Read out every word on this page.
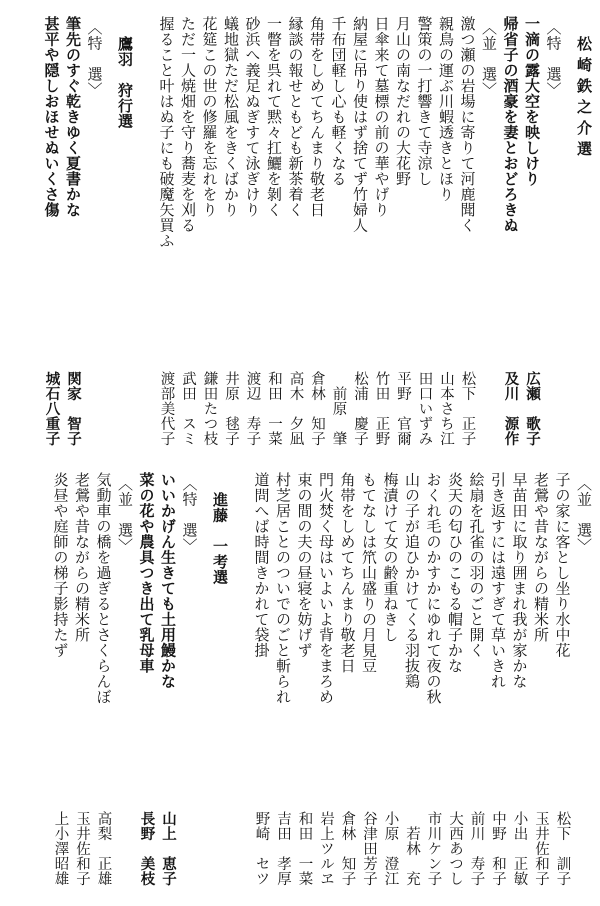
松崎鉄之介選
〈特　選〉
一滴の露大空を映しけり
広瀬　歌子
帰省子の酒豪を妻とおどろきぬ
及川　源作
〈並　選〉
激つ瀬の岩場に寄りて河鹿聞く
松下　正子
親鳥の運ぶ川蝦透きとほり
山本さち江
警策の一打響きて寺涼し
田口いずみ
月山の南なだれの大花野
平野　官爾
日傘来て墓標の前の華やげり
竹田　正野
納屋に吊り使はず捨てず竹婦人
松浦　慶子
千布団軽し心も軽くなる
前原　肇
角帯をしめてちんまり敬老日
倉林　知子
縁談の報せともども新茶着く
高木　夕凪
一瞥を呉れて黙々扛鱺を剝く
和田　一菜
砂浜へ義足ぬぎすて泳ぎけり
渡辺　寿子
蟻地獄ただ松風をきくばかり
井原　毬子
花筵この世の修羅を忘れをり
鎌田たつ枝
ただ一人焼畑を守り蕎麦を刈る
武田　スミ
握ること叶はぬ子にも破魔矢買ふ
渡部美代子
鷹羽　狩行選
〈特　選〉
筆先のすぐ乾きゆく夏書かな
関家　智子
甚平や隠しおほせぬいくさ傷
城石八重子
〈並　選〉
子の家に客とし坐り水中花
松下　訓子
老鶯や昔ながらの精米所
玉井佐和子
早苗田に取り囲まれ我が家かな
小出　正敏
引き返すには遠すぎて草いきれ
中野　和子
絵扇を孔雀の羽のごと開く
前川　寿子
炎天の匂ひのこもる帽子かな
大西あつし
おくれ毛のかすかにゆれて夜の秋
市川ケン子
山の子が追ひかけてくる羽抜鶏
若林　充
梅漬けて女の齢重ねきし
小原　澄江
もてなしは笊山盛りの月見豆
谷津田芳子
角帯をしめてちんまり敬老日
倉林　知子
門火焚く母はいよいよ背をまろめ
岩上ツルヱ
束の間の夫の昼寝を妨げず
和田　一菜
村芝居ことのついでのごと斬られ
吉田　孝厚
道問へば時間きかれて袋掛
野崎　セツ
進藤　一考選
〈特　選〉
いいかげん生きても土用鰻かな
山上　恵子
菜の花や農具つき出て乳母車
長野　美枝
〈並　選〉
気動車の橋を過ぎるとさくらんぼ
高梨　正雄
老鶯や昔ながらの精米所
玉井佐和子
炎昼や庭師の梯子影持たず
上小澤昭雄
